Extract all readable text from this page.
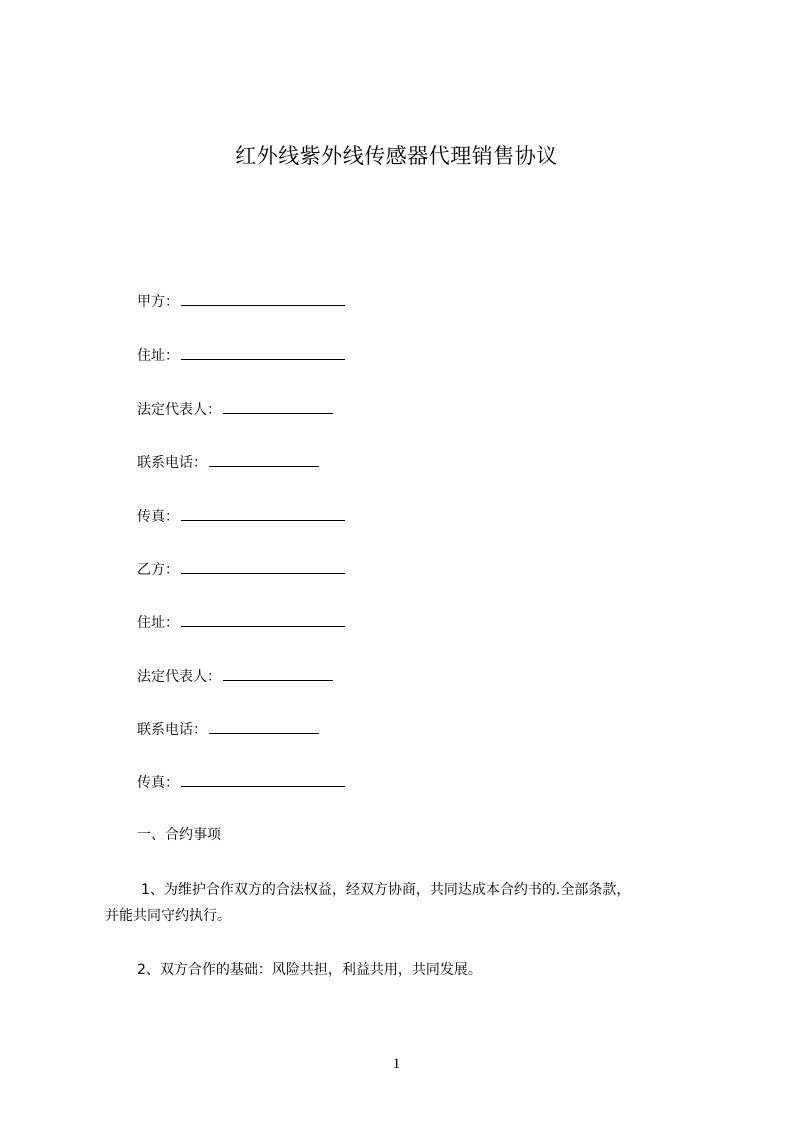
红外线紫外线传感器代理销售协议
甲方：
住址：
法定代表人：
联系电话：
传真：
乙方：
住址：
法定代表人：
联系电话：
传真：
一、合约事项
1、为维护合作双方的合法权益，经双方协商，共同达成本合约书的.全部条款，
并能共同守约执行。
2、双方合作的基础：风险共担，利益共用，共同发展。
1
